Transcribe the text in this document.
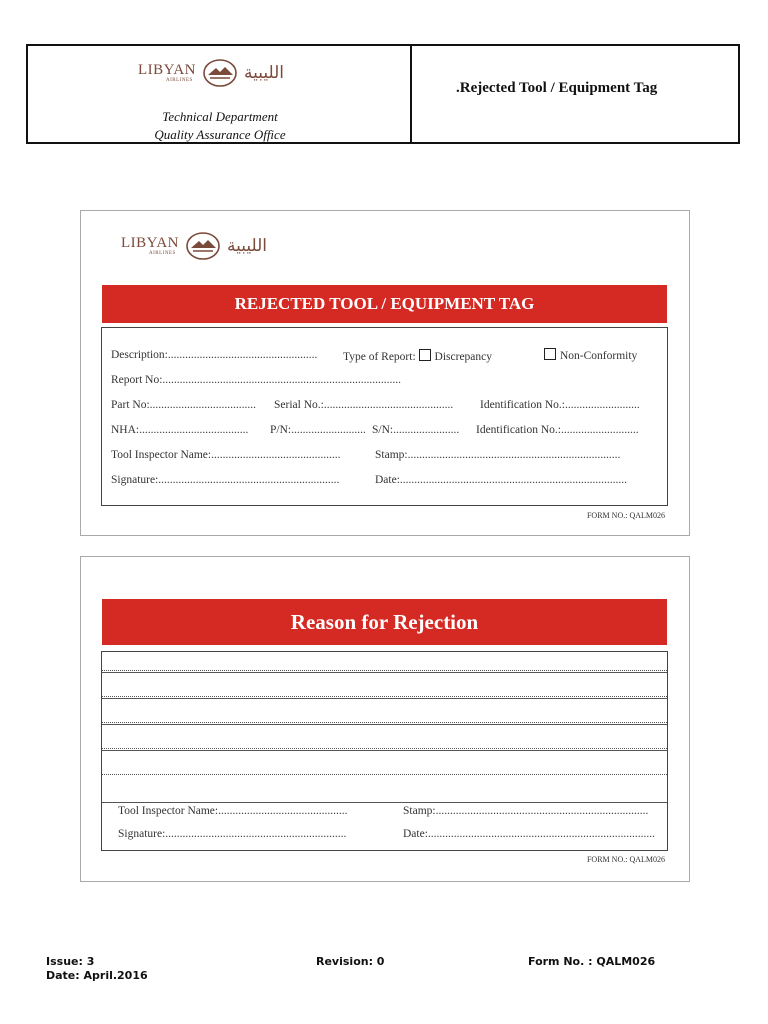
LIBYAN
AIRLINES	الليبية
Technical Department
Quality Assurance Office
.Rejected Tool / Equipment Tag
LIBYAN
AIRLINES	الليبية
REJECTED TOOL / EQUIPMENT TAG
Description:.................................................... Type of Report: Discrepancy	Non-Conformity
Report No:...................................................................................
Part No:..................................... Serial No.:............................................. Identification No.:..........................
NHA:...................................... P/N:.......................... S/N:....................... Identification No.:...........................
Tool Inspector Name:.............................................	Stamp:..........................................................................
Signature:...............................................................	Date:...............................................................................
FORM NO.: QALM026
Reason for Rejection
Tool Inspector Name:.............................................	Stamp:..........................................................................
Signature:...............................................................	Date:...............................................................................
FORM NO.: QALM026
Issue: 3
Date: April.2016
Revision: 0	Form No. : QALM026
